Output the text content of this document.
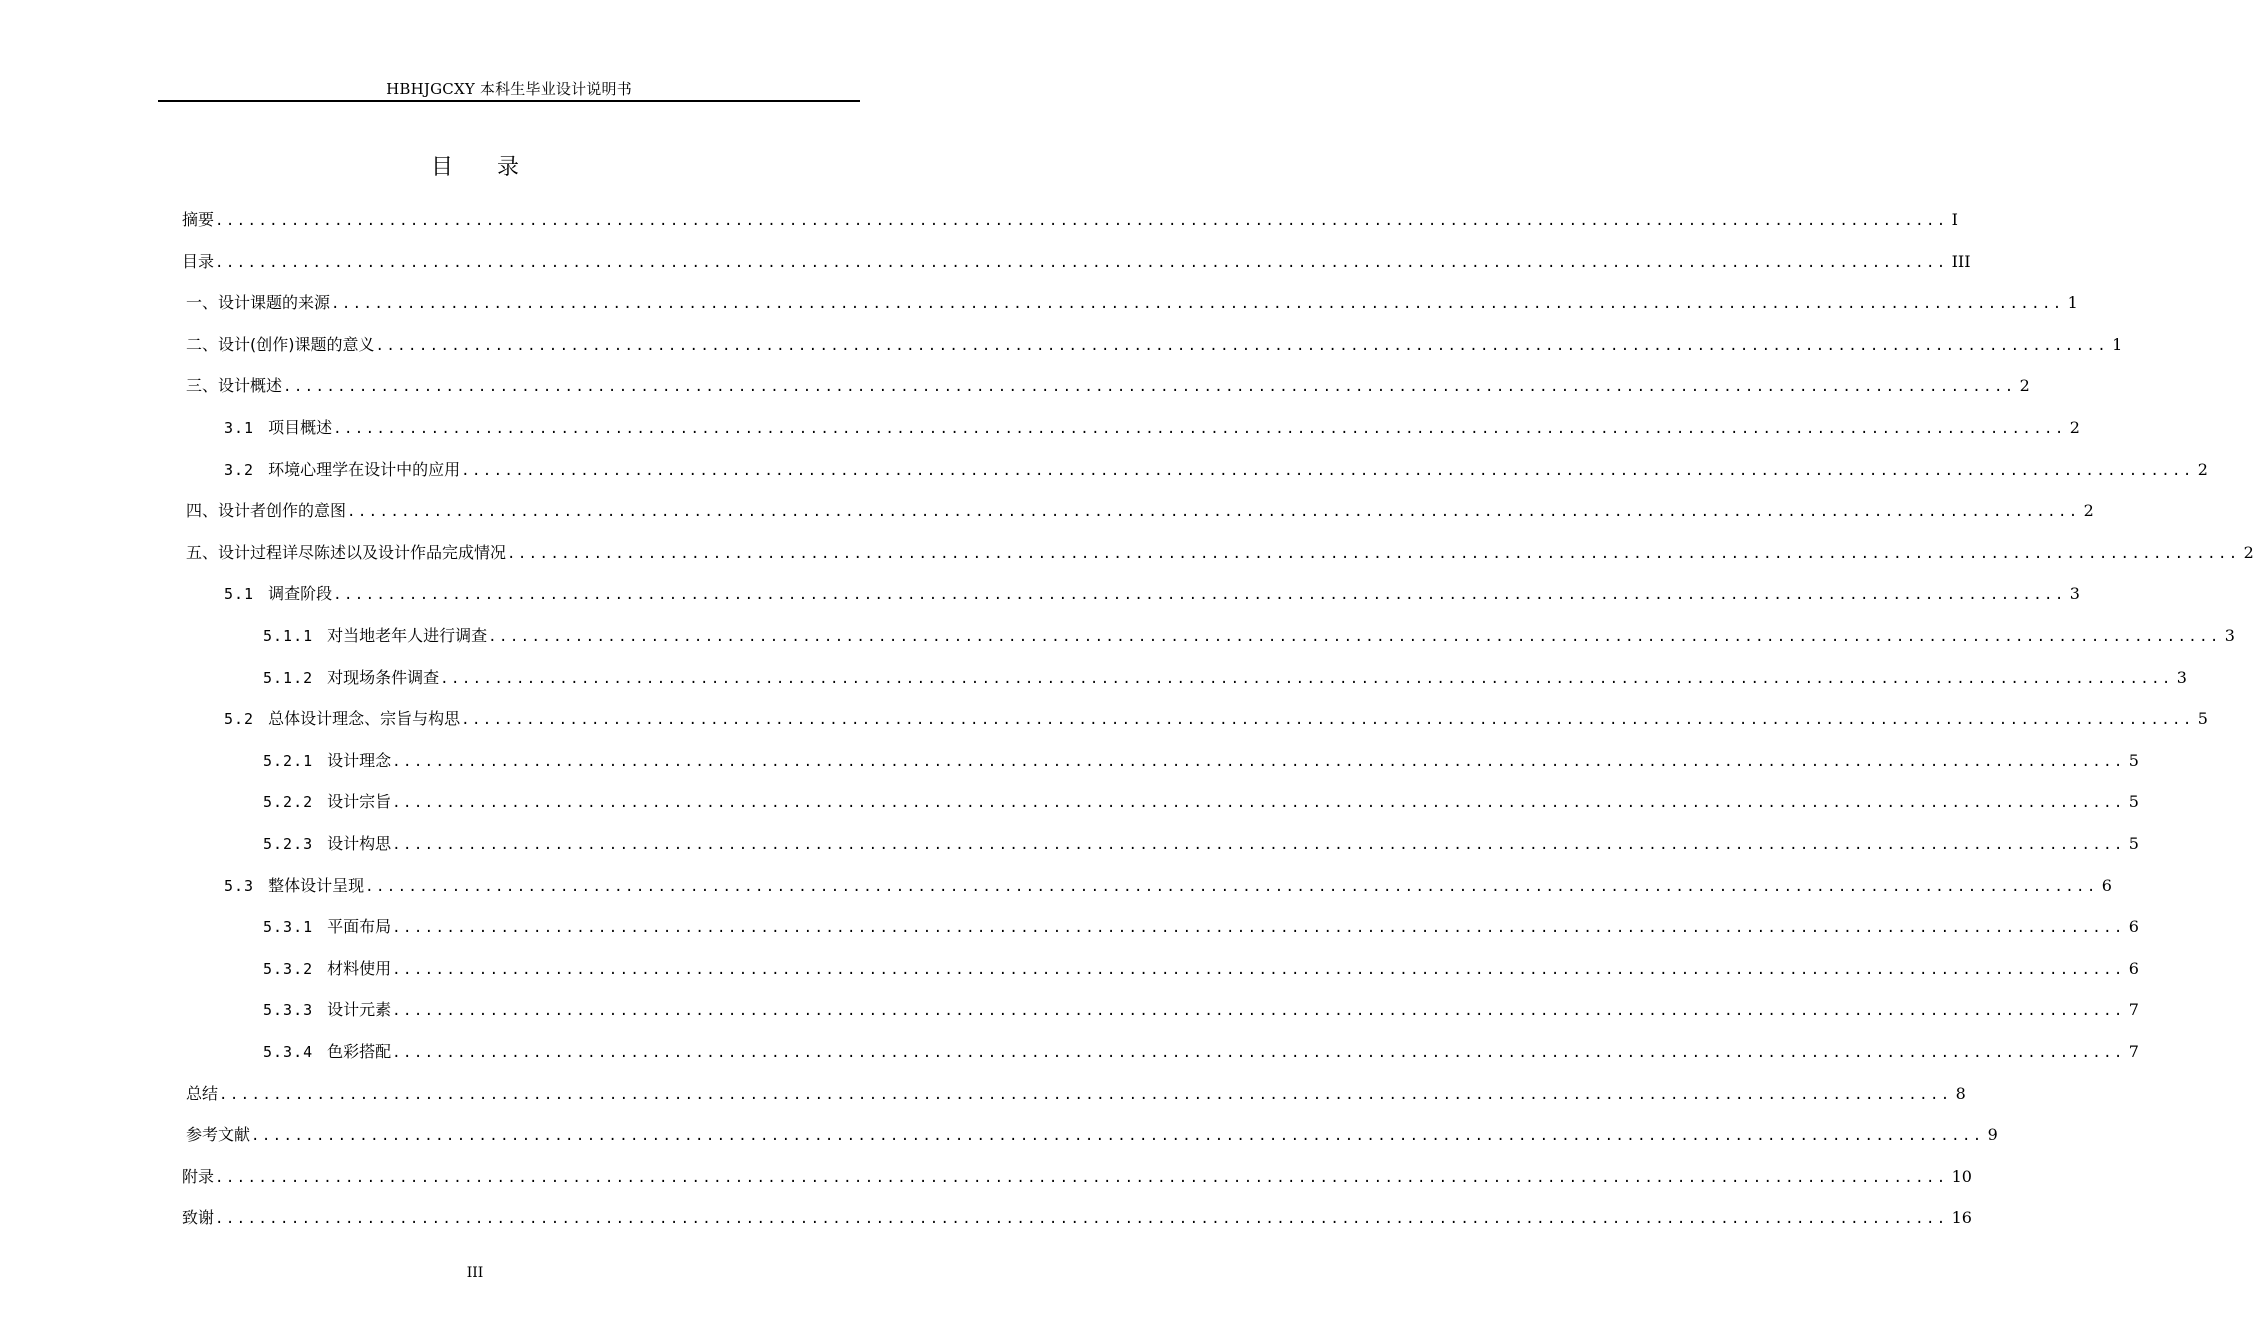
HBHJGCXY 本科生毕业设计说明书
目 录
摘要 ................................................................................................................................................................ I
目录 ................................................................................................................................................................ III
一、设计课题的来源 ................................................................................................................................................................ 1
二、设计(创作)课题的意义 ................................................................................................................................................................ 1
三、设计概述 ................................................................................................................................................................ 2
3.1 项目概述 ................................................................................................................................................................ 2
3.2 环境心理学在设计中的应用 ................................................................................................................................................................ 2
四、设计者创作的意图 ................................................................................................................................................................ 2
五、设计过程详尽陈述以及设计作品完成情况 ................................................................................................................................................................ 2
5.1 调查阶段 ................................................................................................................................................................ 3
5.1.1 对当地老年人进行调查 ................................................................................................................................................................ 3
5.1.2 对现场条件调查 ................................................................................................................................................................ 3
5.2 总体设计理念、宗旨与构思 ................................................................................................................................................................ 5
5.2.1 设计理念 ................................................................................................................................................................ 5
5.2.2 设计宗旨 ................................................................................................................................................................ 5
5.2.3 设计构思 ................................................................................................................................................................ 5
5.3 整体设计呈现 ................................................................................................................................................................ 6
5.3.1 平面布局 ................................................................................................................................................................ 6
5.3.2 材料使用 ................................................................................................................................................................ 6
5.3.3 设计元素 ................................................................................................................................................................ 7
5.3.4 色彩搭配 ................................................................................................................................................................ 7
总结 ................................................................................................................................................................ 8
参考文献 ................................................................................................................................................................ 9
附录 ................................................................................................................................................................ 10
致谢 ................................................................................................................................................................ 16
III
